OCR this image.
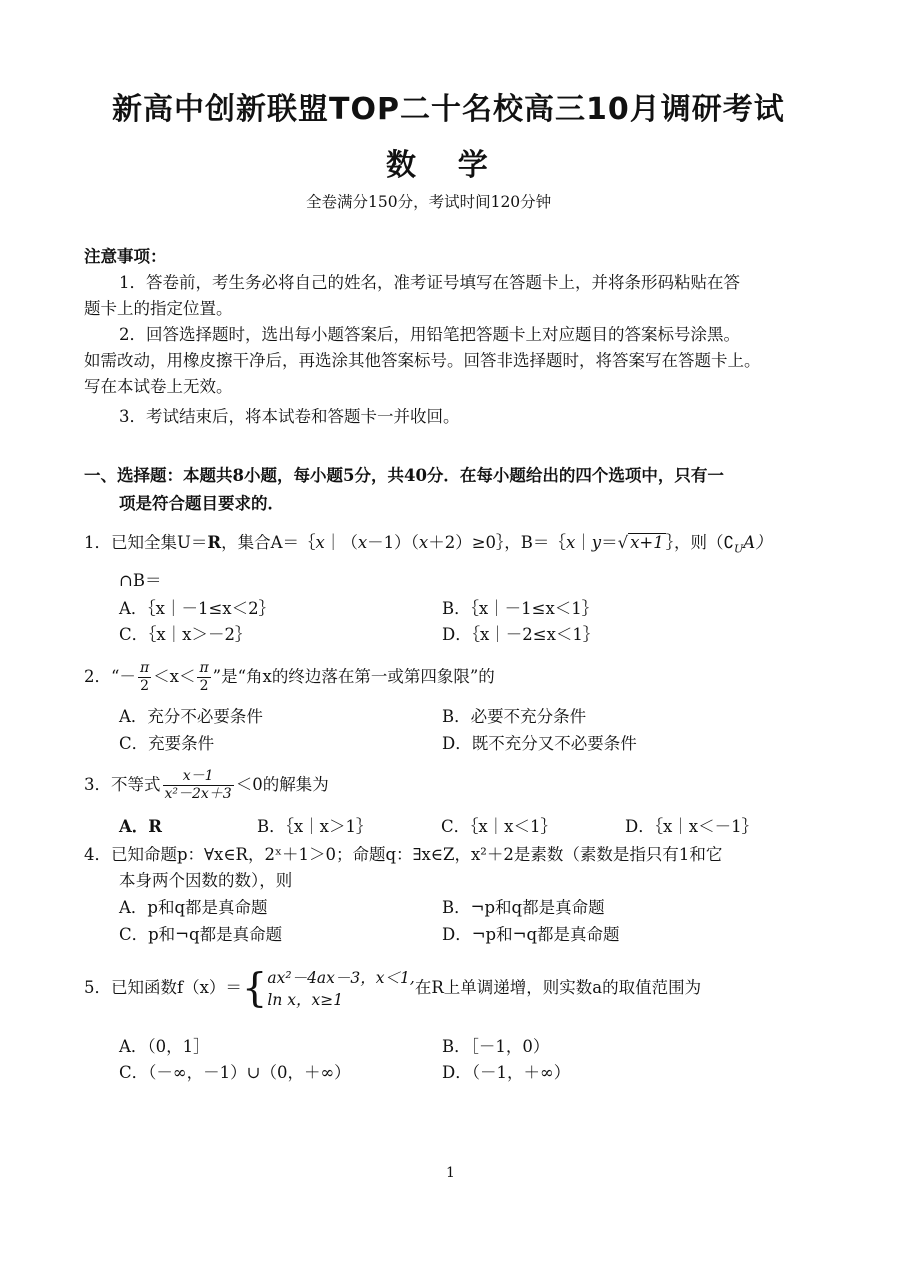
新高中创新联盟TOP二十名校高三10月调研考试
数    学
全卷满分150分，考试时间120分钟
注意事项：
1．答卷前，考生务必将自己的姓名，准考证号填写在答题卡上，并将条形码粘贴在答
题卡上的指定位置。
2．回答选择题时，选出每小题答案后，用铅笔把答题卡上对应题目的答案标号涂黑。
如需改动，用橡皮擦干净后，再选涂其他答案标号。回答非选择题时，将答案写在答题卡上。
写在本试卷上无效。
3．考试结束后，将本试卷和答题卡一并收回。
一、选择题：本题共8小题，每小题5分，共40分．在每小题给出的四个选项中，只有一
项是符合题目要求的．
1．已知全集U＝R，集合A＝｛x｜（x－1）（x＋2）≥0｝，B＝｛x｜y＝√ x+1 ｝，则$(∁_UA)$
∩B＝
A．｛x｜－1≤x＜2｝	B．｛x｜－1≤x＜1｝
C．｛x｜x＞－2｝	D．｛x｜－2≤x＜1｝
2．“－ $\frac{\pi}{2} <x< \frac{\pi}{2}$ ”是“角x的终边落在第一或第四象限”的
A．充分不必要条件	B．必要不充分条件
C．充要条件	D．既不充分又不必要条件
3．不等式 $\frac{x-1}{\text{x²－2x＋3}} <0$的解集为
A．R	B．｛x｜x＞1｝	C．｛x｜x＜1｝	D．｛x｜x＜－1｝
4．已知命题p：∀x∈R，2ˣ＋1＞0；命题q：∃x∈Z，x²＋2是素数（素数是指只有1和它
本身两个因数的数），则
A．p和q都是真命题	B．¬p和q都是真命题
C．p和¬q都是真命题	D．¬p和¬q都是真命题
5．已知函数f（x）＝{ ax²－4ax－3，x＜1,
ln x，x≥1
在R上单调递增，则实数a的取值范围为
A．（0，1］	B．［－1，0）
C．（－∞，－1）∪（0，＋∞）	D．（－1，＋∞）
1
